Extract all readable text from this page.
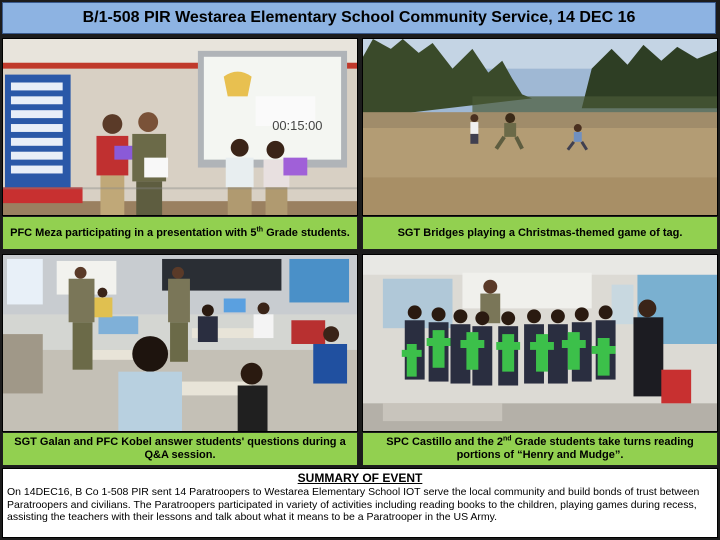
B/1-508 PIR Westarea Elementary School Community Service, 14 DEC 16
00:15:00
PFC Meza participating in a presentation with 5th Grade students.	SGT Bridges playing a Christmas-themed game of tag.
SGT Galan and PFC Kobel answer students' questions during a Q&A session.
SPC Castillo and the 2nd Grade students take turns reading portions of “Henry and Mudge”.
SUMMARY OF EVENT
On 14DEC16, B Co 1-508 PIR sent 14 Paratroopers to Westarea Elementary School IOT serve the local community and build bonds of trust between Paratroopers and civilians. The Paratroopers participated in variety of activities including reading books to the children, playing games during recess, assisting the teachers with their lessons and talk about what it means to be a Paratrooper in the US Army.
